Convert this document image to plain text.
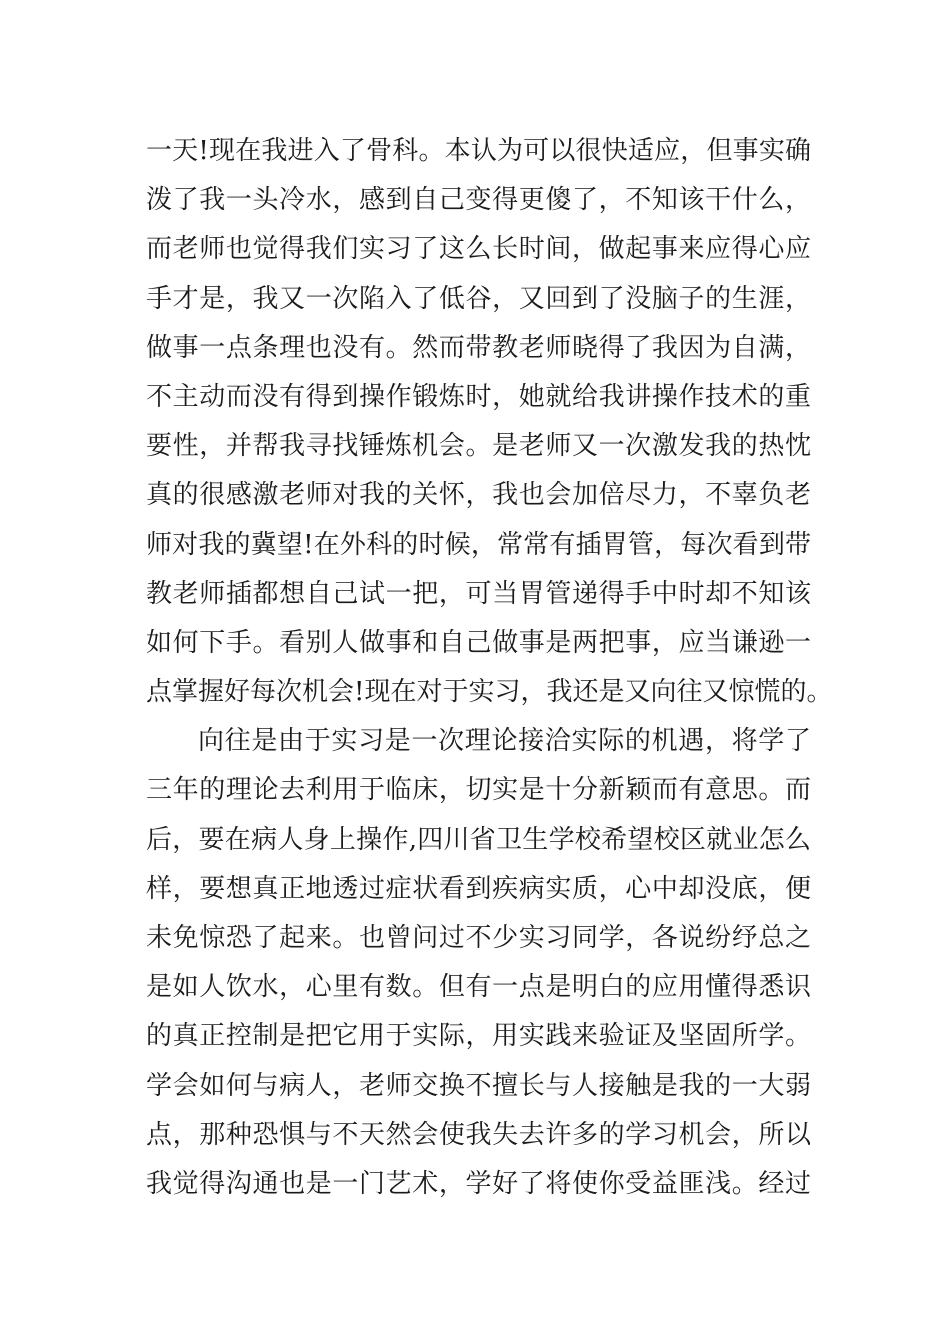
一天!现在我进入了骨科。本认为可以很快适应，但事实确
泼了我一头冷水，感到自己变得更傻了，不知该干什么，
而老师也觉得我们实习了这么长时间，做起事来应得心应
手才是，我又一次陷入了低谷，又回到了没脑子的生涯，
做事一点条理也没有。然而带教老师晓得了我因为自满，
不主动而没有得到操作锻炼时，她就给我讲操作技术的重
要性，并帮我寻找锤炼机会。是老师又一次激发我的热忱
真的很感激老师对我的关怀，我也会加倍尽力，不辜负老
师对我的冀望!在外科的时候，常常有插胃管，每次看到带
教老师插都想自己试一把，可当胃管递得手中时却不知该
如何下手。看别人做事和自己做事是两把事，应当谦逊一
点掌握好每次机会!现在对于实习，我还是又向往又惊慌的。
向往是由于实习是一次理论接洽实际的机遇，将学了
三年的理论去利用于临床，切实是十分新颖而有意思。而
后，要在病人身上操作,四川省卫生学校希望校区就业怎么
样，要想真正地透过症状看到疾病实质，心中却没底，便
未免惊恐了起来。也曾问过不少实习同学，各说纷纾总之
是如人饮水，心里有数。但有一点是明白的应用懂得悉识
的真正控制是把它用于实际，用实践来验证及坚固所学。
学会如何与病人，老师交换不擅长与人接触是我的一大弱
点，那种恐惧与不天然会使我失去许多的学习机会，所以
我觉得沟通也是一门艺术，学好了将使你受益匪浅。经过
